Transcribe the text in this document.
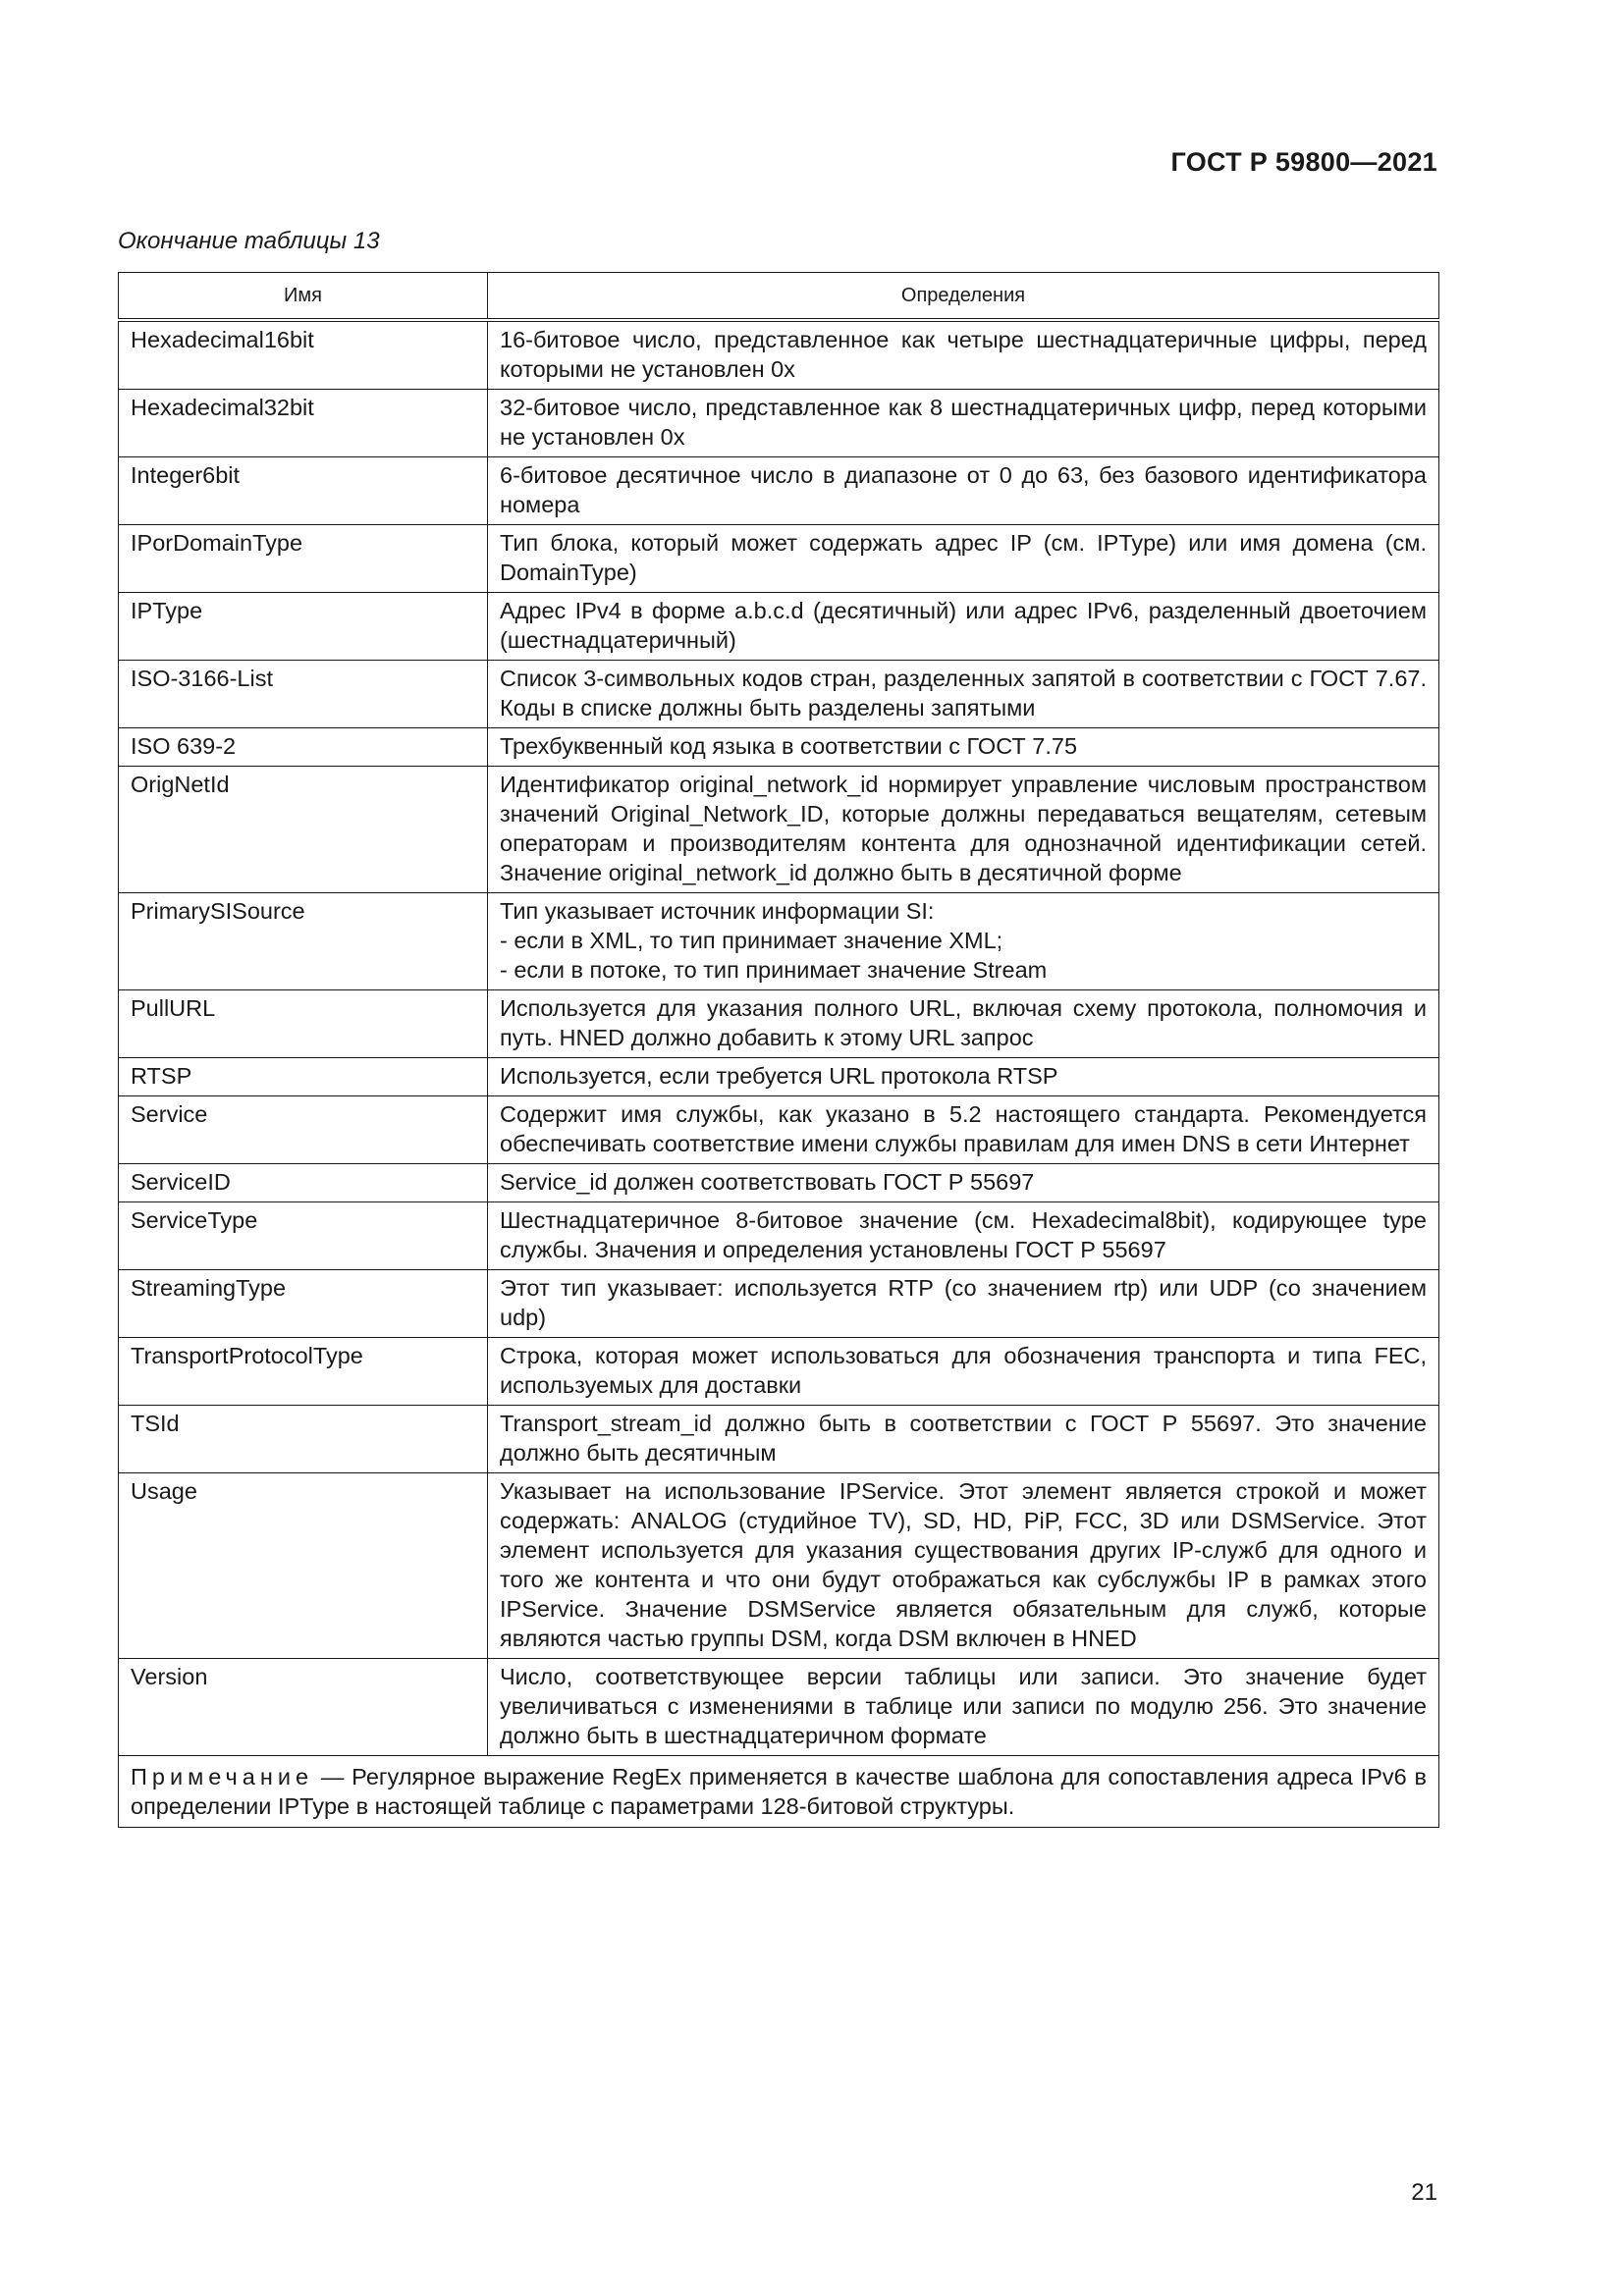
ГОСТ Р 59800—2021
Окончание таблицы 13
Имя	Определения
Hexadecimal16bit	16-битовое число, представленное как четыре шестнадцатеричные цифры, перед которыми не установлен 0x
Hexadecimal32bit	32-битовое число, представленное как 8 шестнадцатеричных цифр, перед которыми не установлен 0x
Integer6bit	6-битовое десятичное число в диапазоне от 0 до 63, без базового идентификатора номера
IPorDomainType	Тип блока, который может содержать адрес IP (см. IPType) или имя домена (см. DomainType)
IPType	Адрес IPv4 в форме a.b.c.d (десятичный) или адрес IPv6, разделенный двоеточием (шестнадцатеричный)
ISO-3166-List	Список 3-символьных кодов стран, разделенных запятой в соответствии с ГОСТ 7.67. Коды в списке должны быть разделены запятыми
ISO 639-2	Трехбуквенный код языка в соответствии с ГОСТ 7.75
OrigNetId	Идентификатор original_network_id нормирует управление числовым пространством значений Original_Network_ID, которые должны передаваться вещателям, сетевым операторам и производителям контента для однозначной идентификации сетей. Значение original_network_id должно быть в десятичной форме
PrimarySISource	Тип указывает источник информации SI:
- если в XML, то тип принимает значение XML;
- если в потоке, то тип принимает значение Stream
PullURL	Используется для указания полного URL, включая схему протокола, полномочия и путь. HNED должно добавить к этому URL запрос
RTSP	Используется, если требуется URL протокола RTSP
Service	Содержит имя службы, как указано в 5.2 настоящего стандарта. Рекомендуется обеспечивать соответствие имени службы правилам для имен DNS в сети Интернет
ServiceID	Service_id должен соответствовать ГОСТ Р 55697
ServiceType	Шестнадцатеричное 8-битовое значение (см. Hexadecimal8bit), кодирующее type службы. Значения и определения установлены ГОСТ Р 55697
StreamingType	Этот тип указывает: используется RTP (со значением rtp) или UDP (со значением udp)
TransportProtocolType	Строка, которая может использоваться для обозначения транспорта и типа FEC, используемых для доставки
TSId	Transport_stream_id должно быть в соответствии с ГОСТ Р 55697. Это значение должно быть десятичным
Usage	Указывает на использование IPService. Этот элемент является строкой и может содержать: ANALOG (студийное TV), SD, HD, PiP, FCC, 3D или DSMService. Этот элемент используется для указания существования других IP-служб для одного и того же контента и что они будут отображаться как субслужбы IP в рамках этого IPService. Значение DSMService является обязательным для служб, которые являются частью группы DSM, когда DSM включен в HNED
Version	Число, соответствующее версии таблицы или записи. Это значение будет увеличиваться с изменениями в таблице или записи по модулю 256. Это значение должно быть в шестнадцатеричном формате
Примечание — Регулярное выражение RegEx применяется в качестве шаблона для сопоставления адреса IPv6 в определении IPType в настоящей таблице с параметрами 128-битовой структуры.	
21
